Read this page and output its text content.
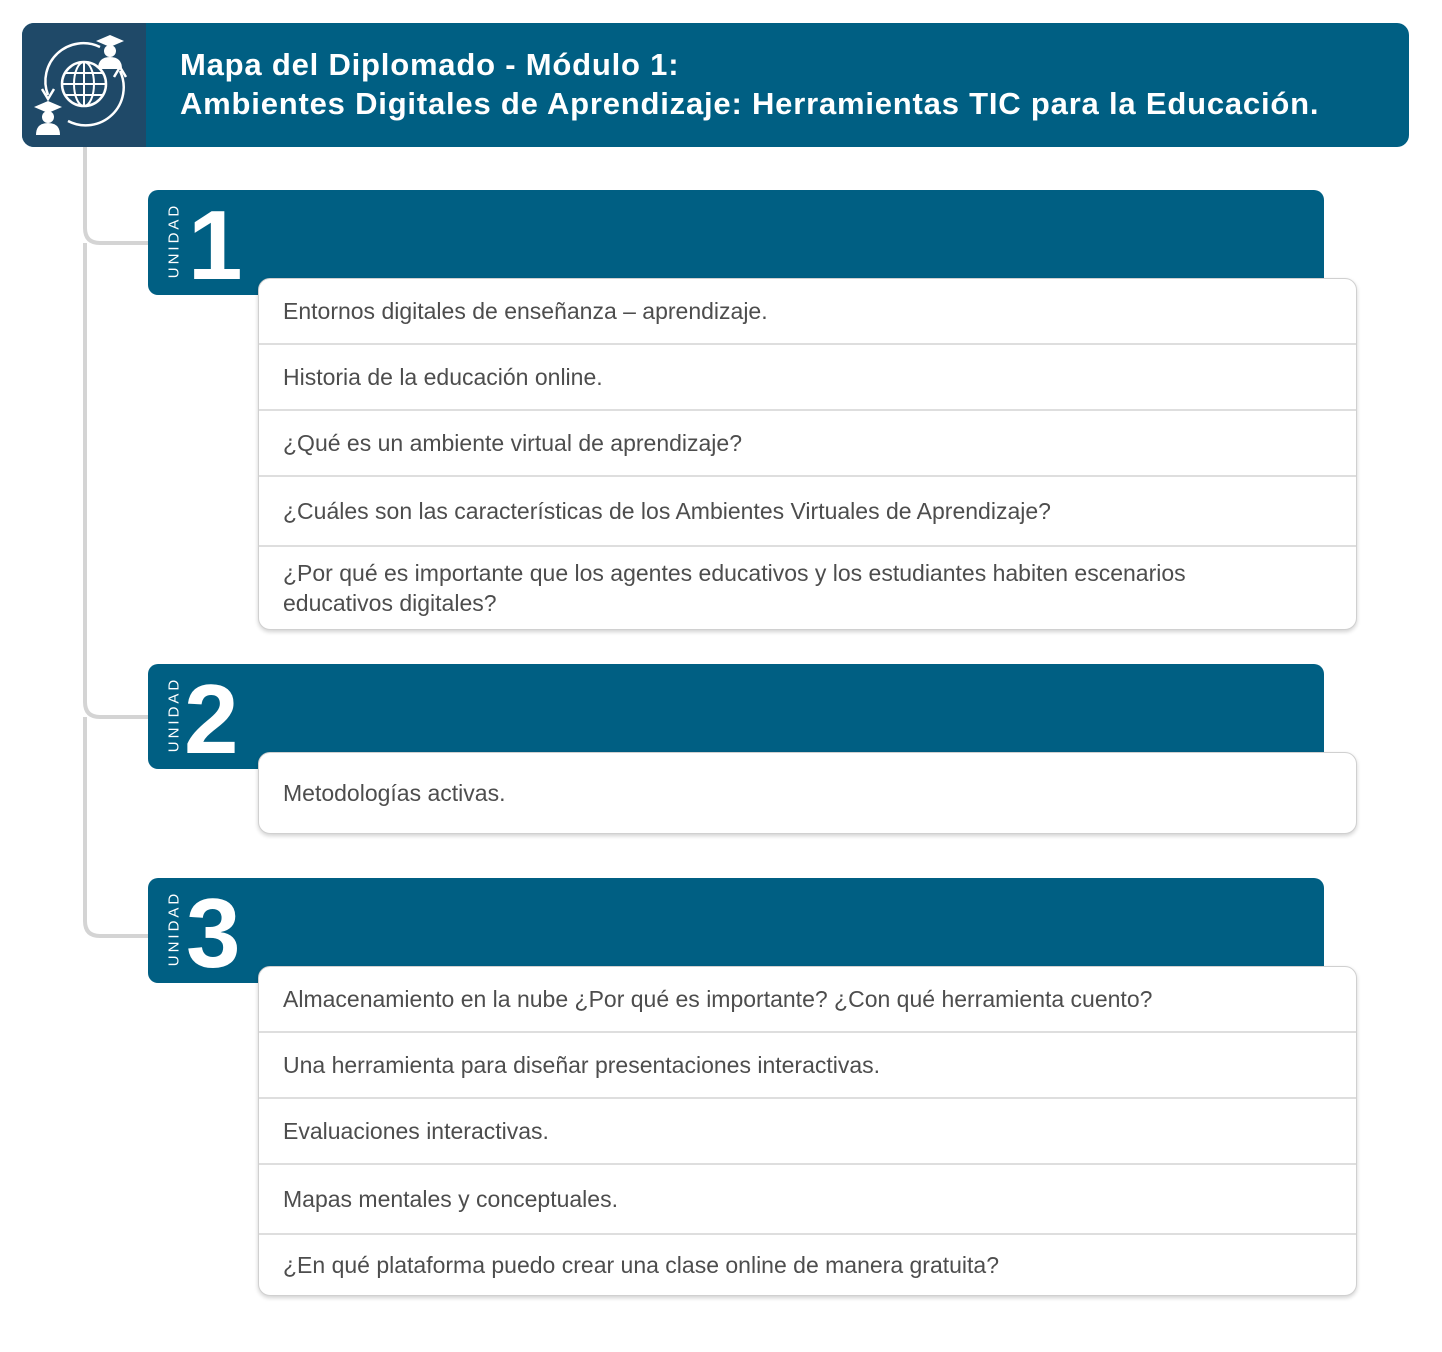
Mapa del Diplomado - Módulo 1:
Ambientes Digitales de Aprendizaje: Herramientas TIC para la Educación.
UNIDAD 1
Entornos digitales de enseñanza – aprendizaje.
Historia de la educación online.
¿Qué es un ambiente virtual de aprendizaje?
¿Cuáles son las características de los Ambientes Virtuales de Aprendizaje?
¿Por qué es importante que los agentes educativos y los estudiantes habiten escenarios educativos digitales?
UNIDAD 2
Metodologías activas.
UNIDAD 3
Almacenamiento en la nube ¿Por qué es importante? ¿Con qué herramienta cuento?
Una herramienta para diseñar presentaciones interactivas.
Evaluaciones interactivas.
Mapas mentales y conceptuales.
¿En qué plataforma puedo crear una clase online de manera gratuita?
